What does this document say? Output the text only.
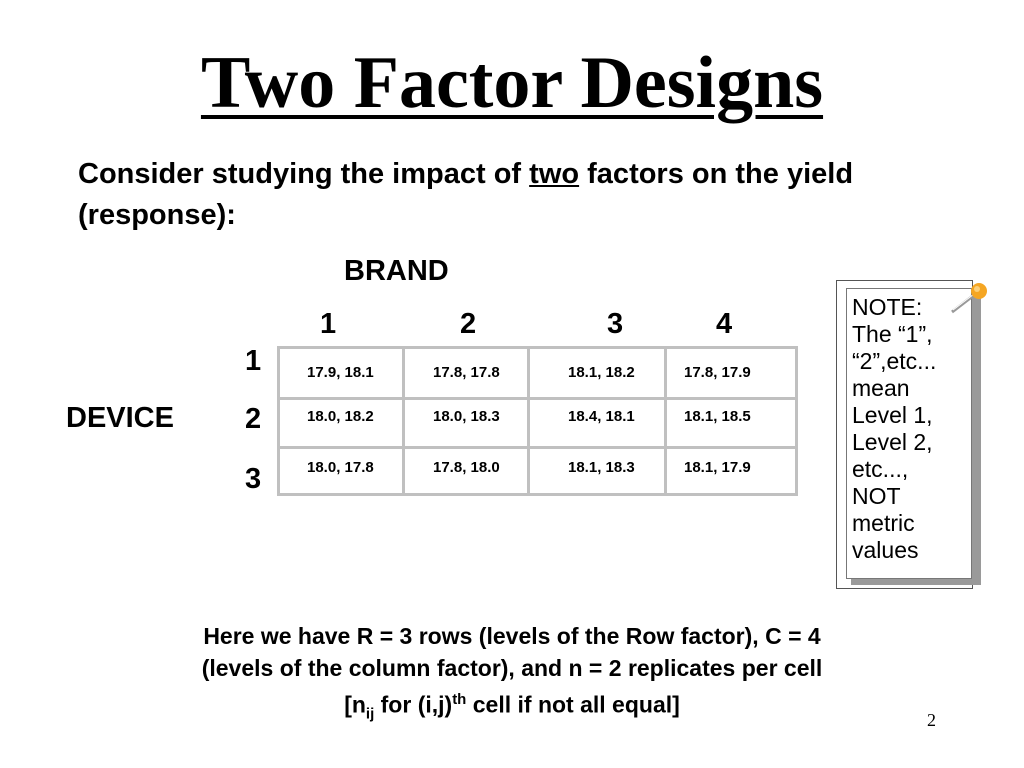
Two Factor Designs
Consider studying the impact of two factors on the yield (response):
BRAND
1	2	3	4
1
2
3
DEVICE
17.9, 18.1	17.8, 17.8	18.1, 18.2	17.8, 17.9
18.0, 18.2	18.0, 18.3	18.4, 18.1	18.1, 18.5
18.0, 17.8	17.8, 18.0	18.1, 18.3	18.1, 17.9
NOTE:
The “1”,
“2”,etc...
mean
Level 1,
Level 2,
etc...,
NOT
metric
values
Here we have R = 3 rows (levels of the Row factor), C = 4
(levels of the column factor), and n = 2 replicates per cell
[$n_{ij}$ for $(i,j)^{th}$ cell if not all equal]
2
